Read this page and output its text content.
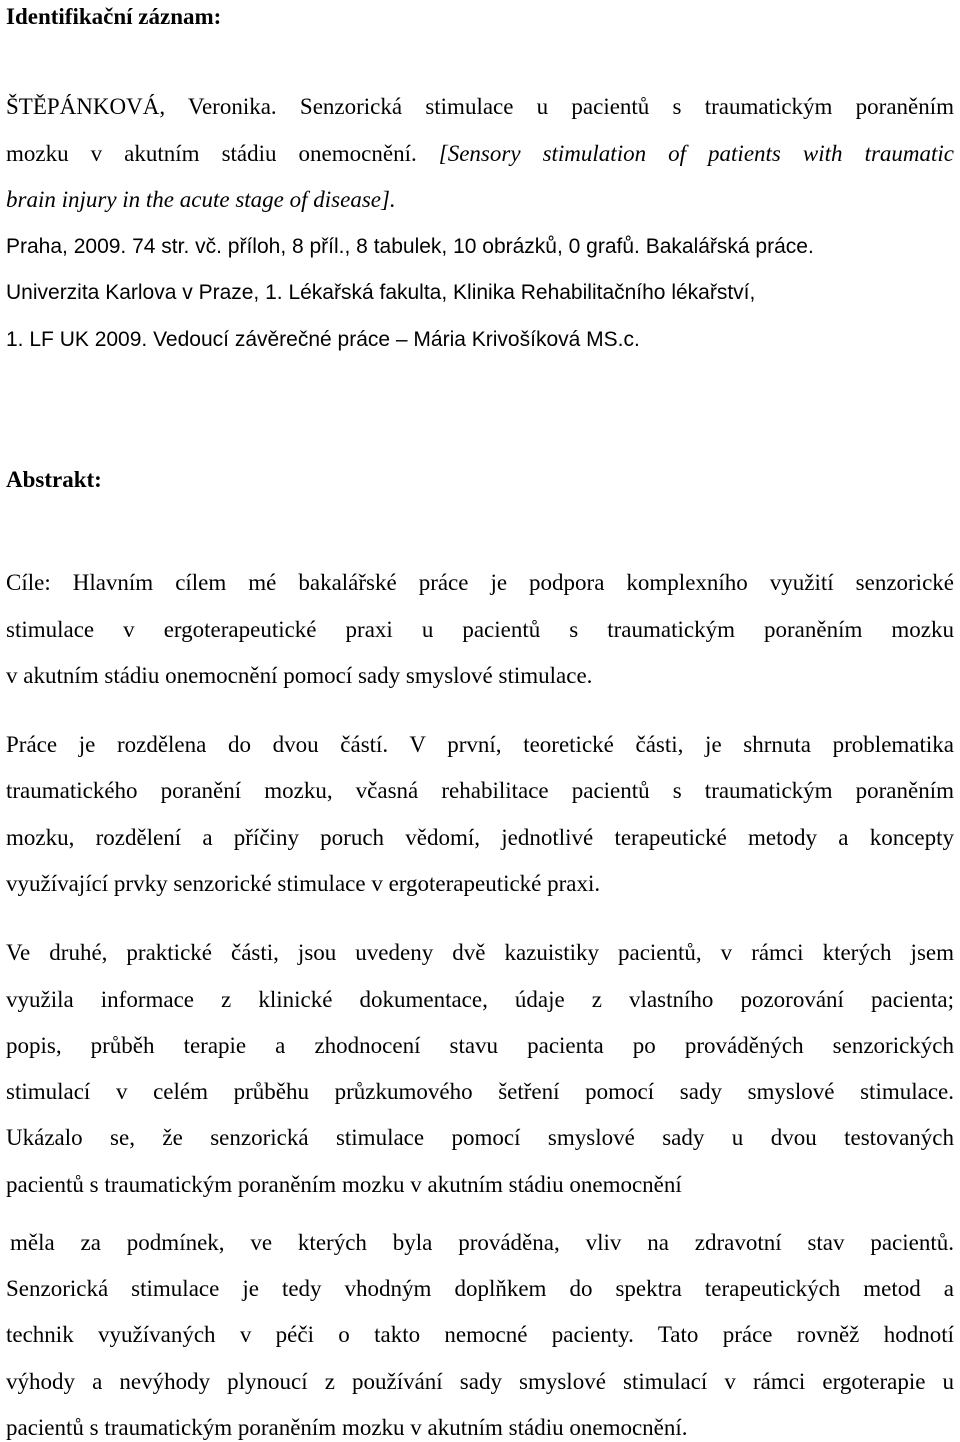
Identifikační záznam:
ŠTĚPÁNKOVÁ, Veronika. Senzorická stimulace u pacientů s traumatickým poraněním
mozku v akutním stádiu onemocnění. [Sensory stimulation of patients with traumatic
brain injury in the acute stage of disease].
Praha, 2009. 74 str. vč. příloh, 8 příl., 8 tabulek, 10 obrázků, 0 grafů. Bakalářská práce.
Univerzita Karlova v Praze, 1. Lékařská fakulta, Klinika Rehabilitačního lékařství,
1. LF UK 2009. Vedoucí závěrečné práce – Mária Krivošíková MS.c.
Abstrakt:
Cíle: Hlavním cílem mé bakalářské práce je podpora komplexního využití senzorické
stimulace v ergoterapeutické praxi u pacientů s traumatickým poraněním mozku
v akutním stádiu onemocnění pomocí sady smyslové stimulace.
Práce je rozdělena do dvou částí. V první, teoretické části, je shrnuta problematika
traumatického poranění mozku, včasná rehabilitace pacientů s traumatickým poraněním
mozku, rozdělení a příčiny poruch vědomí, jednotlivé terapeutické metody a koncepty
využívající prvky senzorické stimulace v ergoterapeutické praxi.
Ve druhé, praktické části, jsou uvedeny dvě kazuistiky pacientů, v rámci kterých jsem
využila informace z klinické dokumentace, údaje z vlastního pozorování pacienta;
popis, průběh terapie a zhodnocení stavu pacienta po prováděných senzorických
stimulací v celém průběhu průzkumového šetření pomocí sady smyslové stimulace.
Ukázalo se, že senzorická stimulace pomocí smyslové sady u dvou testovaných
pacientů s traumatickým poraněním mozku v akutním stádiu onemocnění
měla za podmínek, ve kterých byla prováděna, vliv na zdravotní stav pacientů.
Senzorická stimulace je tedy vhodným doplňkem do spektra terapeutických metod a
technik využívaných v péči o takto nemocné pacienty. Tato práce rovněž hodnotí
výhody a nevýhody plynoucí z používání sady smyslové stimulací v rámci ergoterapie u
pacientů s traumatickým poraněním mozku v akutním stádiu onemocnění.
